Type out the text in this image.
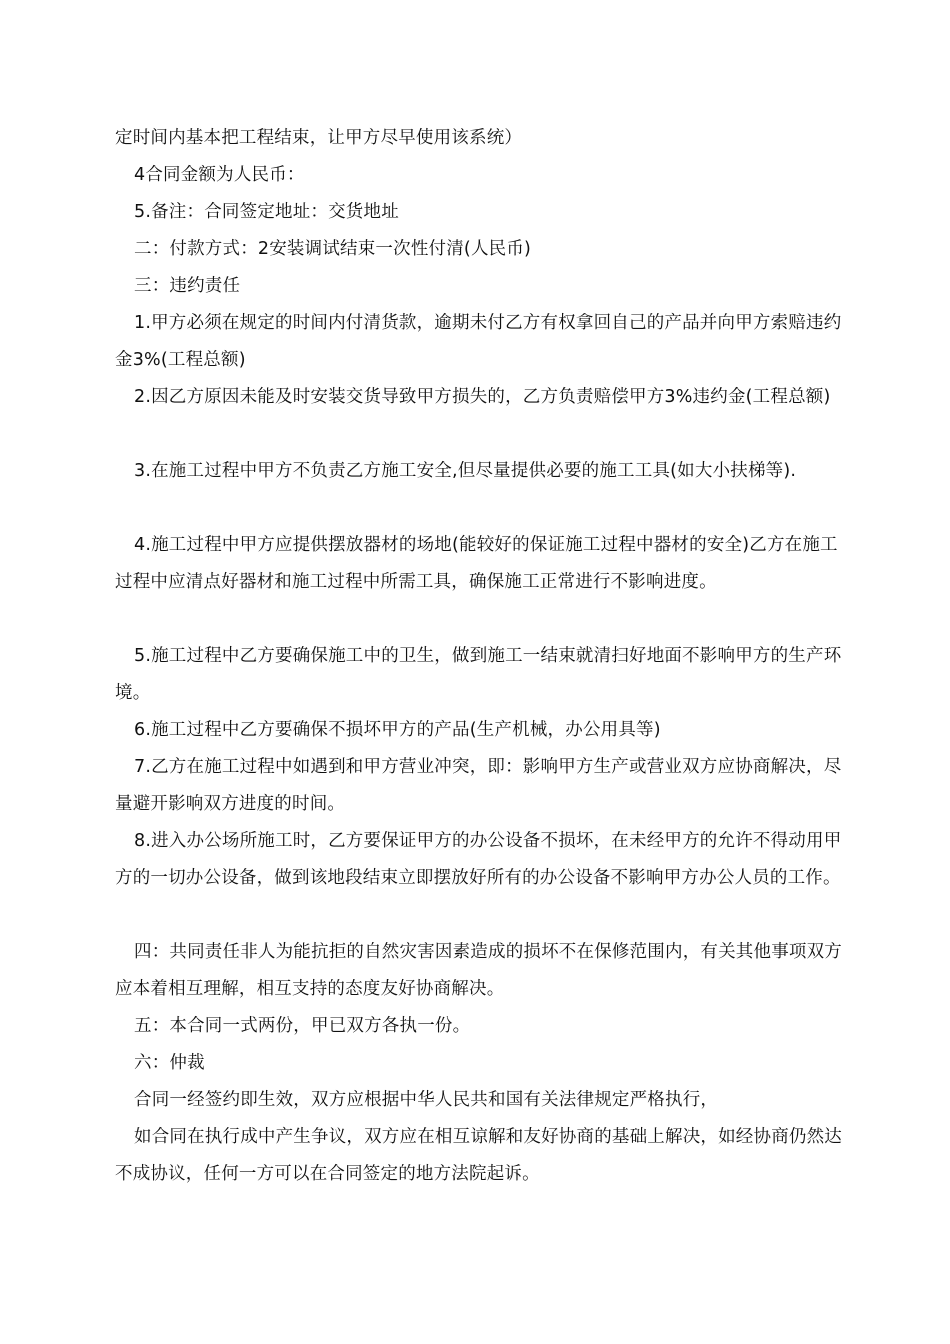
定时间内基本把工程结束，让甲方尽早使用该系统）

4合同金额为人民币：

5.备注：合同签定地址：交货地址

二：付款方式：2安装调试结束一次性付清(人民币)

三：违约责任

1.甲方必须在规定的时间内付清货款，逾期未付乙方有权拿回自己的产品并向甲方索赔违约金3%(工程总额)

2.因乙方原因未能及时安装交货导致甲方损失的，乙方负责赔偿甲方3%违约金(工程总额)

3.在施工过程中甲方不负责乙方施工安全,但尽量提供必要的施工工具(如大小扶梯等).

4.施工过程中甲方应提供摆放器材的场地(能较好的保证施工过程中器材的安全)乙方在施工过程中应清点好器材和施工过程中所需工具，确保施工正常进行不影响进度。

5.施工过程中乙方要确保施工中的卫生，做到施工一结束就清扫好地面不影响甲方的生产环境。

6.施工过程中乙方要确保不损坏甲方的产品(生产机械，办公用具等)

7.乙方在施工过程中如遇到和甲方营业冲突，即：影响甲方生产或营业双方应协商解决，尽量避开影响双方进度的时间。

8.进入办公场所施工时，乙方要保证甲方的办公设备不损坏，在未经甲方的允许不得动用甲方的一切办公设备，做到该地段结束立即摆放好所有的办公设备不影响甲方办公人员的工作。

四：共同责任非人为能抗拒的自然灾害因素造成的损坏不在保修范围内，有关其他事项双方应本着相互理解，相互支持的态度友好协商解决。

五：本合同一式两份，甲已双方各执一份。

六：仲裁

合同一经签约即生效，双方应根据中华人民共和国有关法律规定严格执行，

如合同在执行成中产生争议，双方应在相互谅解和友好协商的基础上解决，如经协商仍然达不成协议，任何一方可以在合同签定的地方法院起诉。
